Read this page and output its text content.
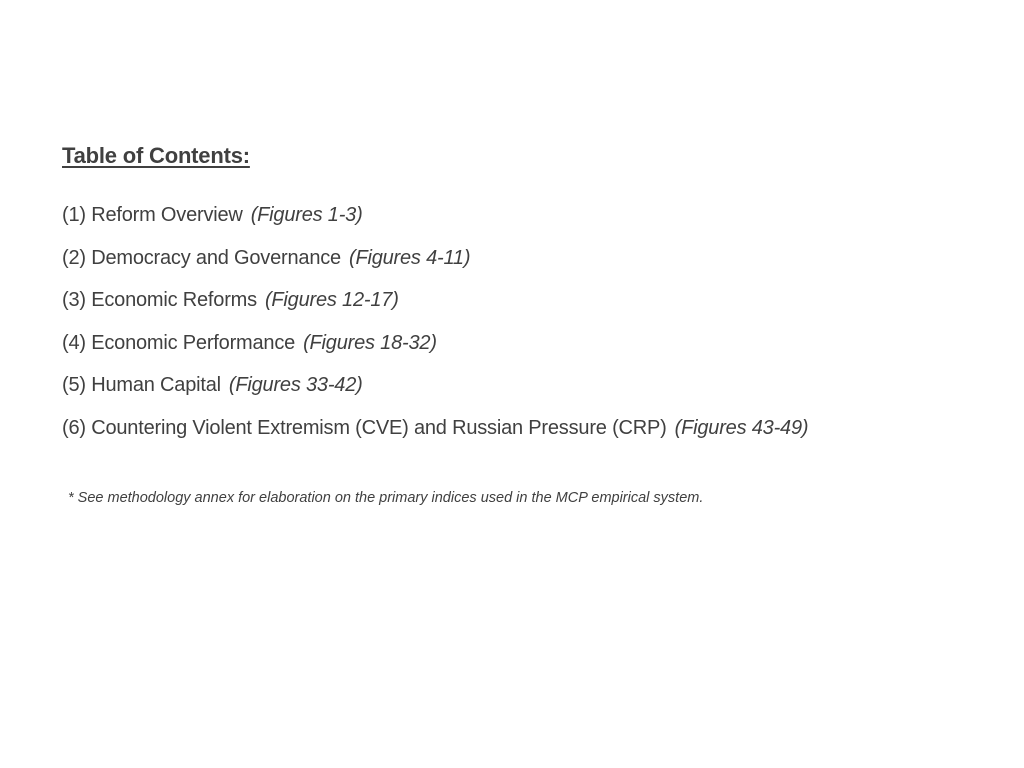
Table of Contents:
(1) Reform Overview (Figures 1-3)
(2) Democracy and Governance (Figures 4-11)
(3) Economic Reforms (Figures 12-17)
(4) Economic Performance (Figures 18-32)
(5) Human Capital (Figures 33-42)
(6) Countering Violent Extremism (CVE) and Russian Pressure (CRP) (Figures 43-49)

* See methodology annex for elaboration on the primary indices used in the MCP empirical system.
